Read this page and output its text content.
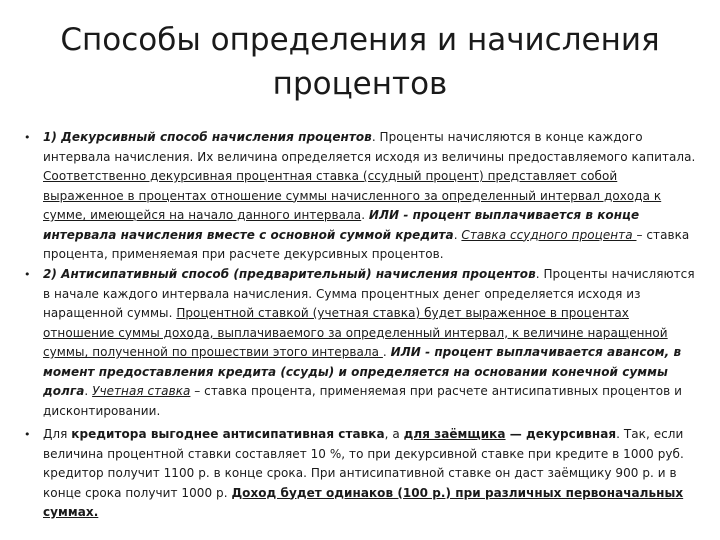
Способы определения и начисления
процентов
• 1) Декурсивный способ начисления процентов. Проценты начисляются в конце каждого интервала начисления. Их величина определяется исходя из величины предоставляемого капитала. Соответственно декурсивная процентная ставка (ссудный процент) представляет собой выраженное в процентах отношение суммы начисленного за определенный интервал дохода к сумме, имеющейся на начало данного интервала. ИЛИ - процент выплачивается в конце интервала начисления вместе с основной суммой кредита. Ставка ссудного процента – ставка процента, применяемая при расчете декурсивных процентов.
• 2) Антисипативный способ (предварительный) начисления процентов. Проценты начисляются в начале каждого интервала начисления. Сумма процентных денег определяется исходя из наращенной суммы. Процентной ставкой (учетная ставка) будет выраженное в процентах отношение суммы дохода, выплачиваемого за определенный интервал, к величине наращенной суммы, полученной по прошествии этого интервала . ИЛИ - процент выплачивается авансом, в момент предоставления кредита (ссуды) и определяется на основании конечной суммы долга. Учетная ставка – ставка процента, применяемая при расчете антисипативных процентов и дисконтировании.
• Для кредитора выгоднее антисипативная ставка, а для заёмщика — декурсивная. Так, если величина процентной ставки составляет 10 %, то при декурсивной ставке при кредите в 1000 руб. кредитор получит 1100 р. в конце срока. При антисипативной ставке он даст заёмщику 900 р. и в конце срока получит 1000 р. Доход будет одинаков (100 р.) при различных первоначальных суммах.
